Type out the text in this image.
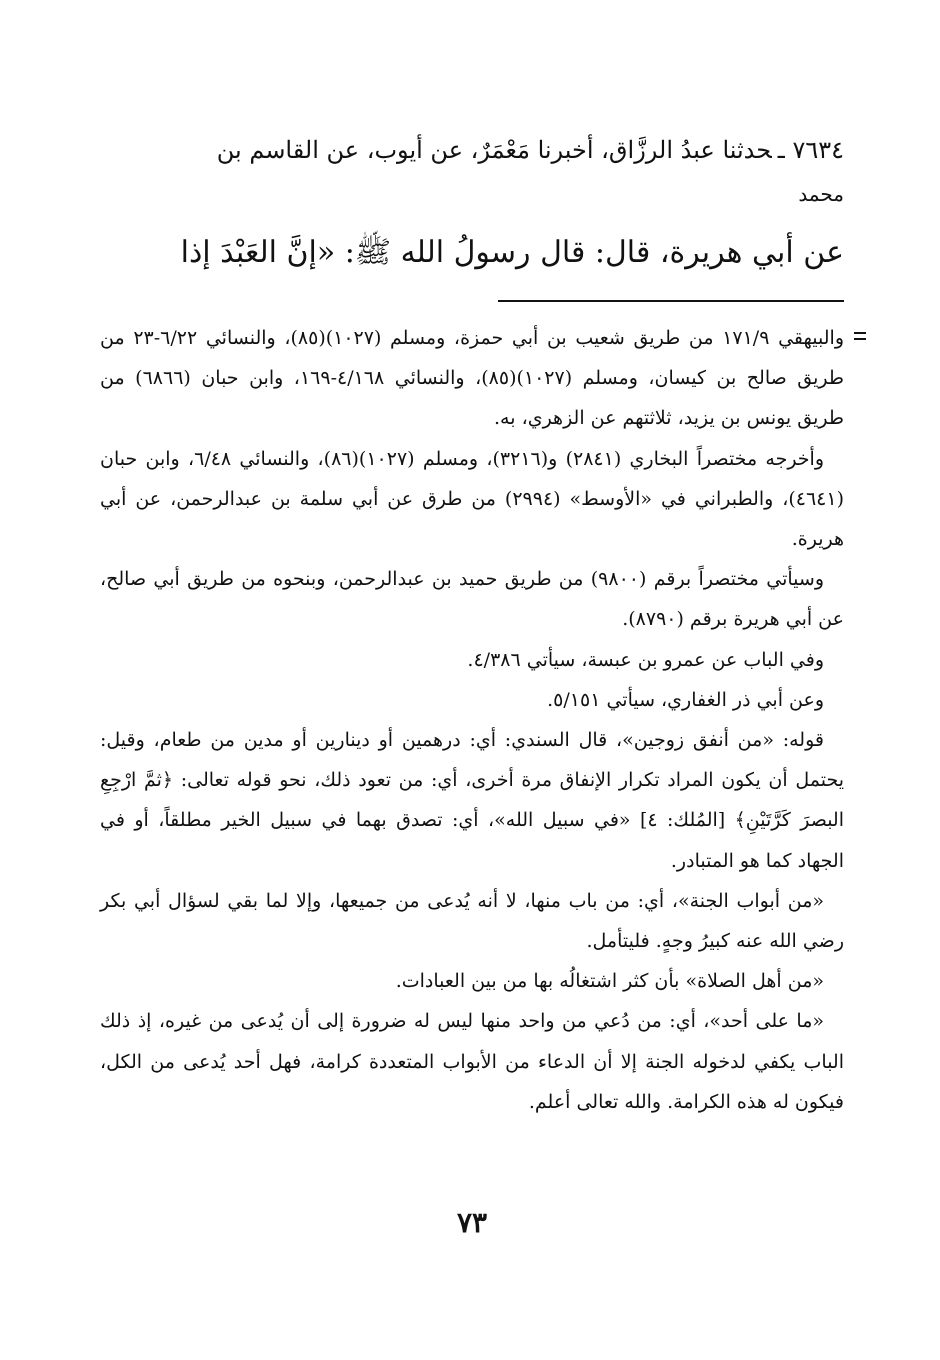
٧٦٣٤ ـحدثنا عبدُ الرزَّاق، أخبرنا مَعْمَرٌ، عن أيوب، عن القاسم بن
محمد
عن أبي هريرة، قال: قال رسولُ الله ﷺ: «إنَّ العَبْدَ إذا

والبيهقي ١٧١/٩ من طريق شعيب بن أبي حمزة، ومسلم (١٠٢٧)(٨٥)، والنسائي ٦/٢٢-٢٣ من طريق صالح بن كيسان، ومسلم (١٠٢٧)(٨٥)، والنسائي ٤/١٦٨-١٦٩، وابن حبان (٦٨٦٦) من طريق يونس بن يزيد، ثلاثتهم عن الزهري، به.

وأخرجه مختصراً البخاري (٢٨٤١) و(٣٢١٦)، ومسلم (١٠٢٧)(٨٦)، والنسائي ٦/٤٨، وابن حبان (٤٦٤١)، والطبراني في «الأوسط» (٢٩٩٤) من طرق عن أبي سلمة بن عبدالرحمن، عن أبي هريرة.

وسيأتي مختصراً برقم (٩٨٠٠) من طريق حميد بن عبدالرحمن، وبنحوه من طريق أبي صالح، عن أبي هريرة برقم (٨٧٩٠).

وفي الباب عن عمرو بن عبسة، سيأتي ٤/٣٨٦.

وعن أبي ذر الغفاري، سيأتي ٥/١٥١.

قوله: «من أنفق زوجين»، قال السندي: أي: درهمين أو دينارين أو مدين من طعام، وقيل: يحتمل أن يكون المراد تكرار الإنفاق مرة أخرى، أي: من تعود ذلك، نحو قوله تعالى: ﴿ثمَّ ارْجِعِ البصرَ كَرَّتَيْنِ﴾ [المُلك: ٤] «في سبيل الله»، أي: تصدق بهما في سبيل الخير مطلقاً، أو في الجهاد كما هو المتبادر.

«من أبواب الجنة»، أي: من باب منها، لا أنه يُدعى من جميعها، وإلا لما بقي لسؤال أبي بكر رضي الله عنه كبيرُ وجهٍ. فليتأمل.

«من أهل الصلاة» بأن كثر اشتغالُه بها من بين العبادات.

«ما على أحد»، أي: من دُعي من واحد منها ليس له ضرورة إلى أن يُدعى من غيره، إذ ذلك الباب يكفي لدخوله الجنة إلا أن الدعاء من الأبواب المتعددة كرامة، فهل أحد يُدعى من الكل، فيكون له هذه الكرامة. والله تعالى أعلم.

٧٣
